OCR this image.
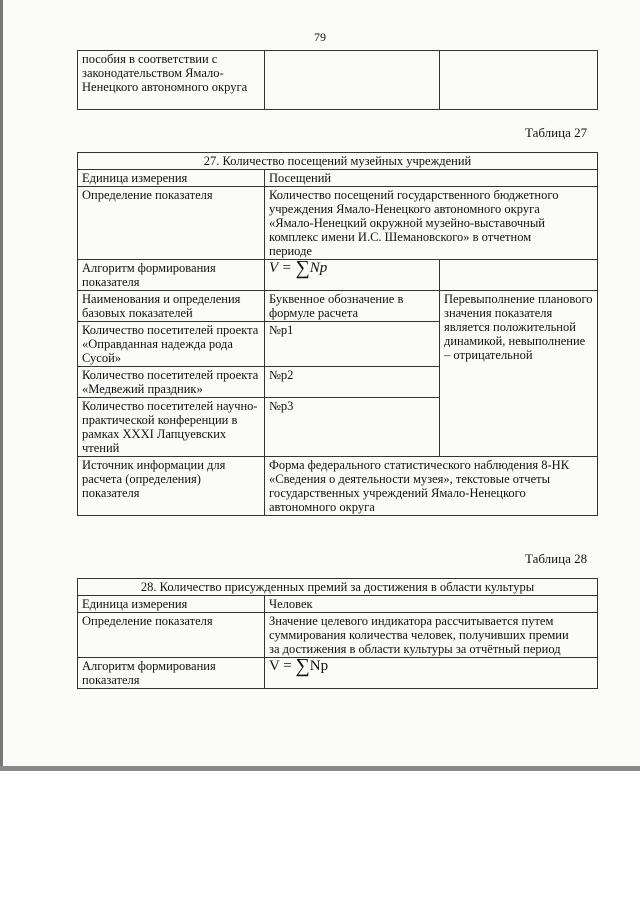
79
пособия в соответствии с законодательством Ямало-Ненецкого автономного округа		
Таблица 27
27. Количество посещений музейных учреждений		
Единица измерения	Посещений	
Определение показателя	Количество посещений государственного бюджетного учреждения Ямало-Ненецкого автономного округа «Ямало-Ненецкий окружной музейно-выставочный комплекс имени И.С. Шемановского» в отчетном периоде	
Алгоритм формирования показателя	V = ∑Np	
Наименования и определения базовых показателей	Буквенное обозначение в формуле расчета	Перевыполнение планового значения показателя является положительной динамикой, невыполнение – отрицательной
Количество посетителей проекта «Оправданная надежда рода Сусой»	№р1	
Количество посетителей проекта «Медвежий праздник»	№р2	
Количество посетителей научно-практической конференции в рамках XXXI Лапцуевских чтений	№р3	
Источник информации для расчета (определения) показателя	Форма федерального статистического наблюдения 8-НК «Сведения о деятельности музея», текстовые отчеты государственных учреждений Ямало-Ненецкого автономного округа	
Таблица 28
28. Количество присужденных премий за достижения в области культуры	
Единица измерения	Человек
Определение показателя	Значение целевого индикатора рассчитывается путем суммирования количества человек, получивших премии за достижения в области культуры за отчётный период
Алгоритм формирования показателя	V = ∑Np
